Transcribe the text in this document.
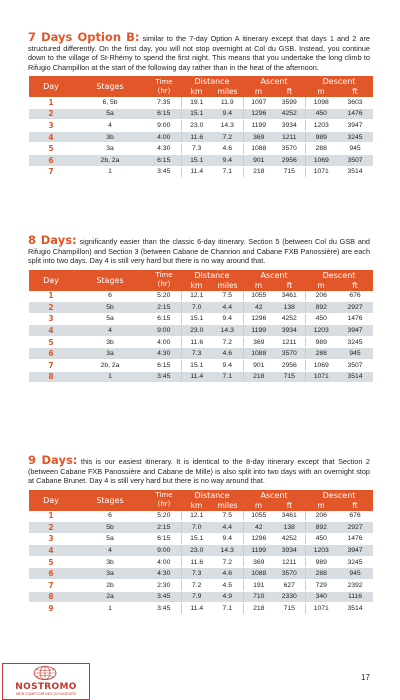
7 Days Option B: similar to the 7-day Option A itinerary except that days 1 and 2 are structured differently. On the first day, you will not stop overnight at Col du GSB. Instead, you continue down to the village of St-Rhémy to spend the first night. This means that you undertake the long climb to Rifugio Champillon at the start of the following day rather than in the heat of the afternoon.

Day	Stages	Time
(hr)	Distance		Ascent		Descent	
			km	miles	m	ft	m	ft
1	6, 5b	7:35	19.1	11.9	1097	3599	1098	3603
2	5a	6:15	15.1	9.4	1296	4252	450	1476
3	4	9:00	23.0	14.3	1199	3934	1203	3947
4	3b	4:00	11.6	7.2	369	1211	989	3245
5	3a	4:30	7.3	4.6	1088	3570	288	945
6	2b, 2a	6:15	15.1	9.4	901	2956	1069	3507
7	1	3:45	11.4	7.1	218	715	1071	3514

8 Days: significantly easier than the classic 6-day itinerary. Section 5 (between Col du GSB and Rifugio Champillon) and Section 3 (between Cabane de Chanrion and Cabane FXB Panossière) are each split into two days. Day 4 is still very hard but there is no way around that.

Day	Stages	Time
(hr)	Distance		Ascent		Descent	
			km	miles	m	ft	m	ft
1	6	5:20	12.1	7.5	1055	3461	206	676
2	5b	2:15	7.0	4.4	42	138	892	2927
3	5a	6:15	15.1	9.4	1296	4252	450	1476
4	4	9:00	23.0	14.3	1199	3934	1203	3947
5	3b	4:00	11.6	7.2	369	1211	989	3245
6	3a	4:30	7.3	4.6	1088	3570	288	945
7	2b, 2a	6:15	15.1	9.4	901	2956	1069	3507
8	1	3:45	11.4	7.1	218	715	1071	3514

9 Days: this is our easiest itinerary. It is identical to the 8-day itinerary except that Section 2 (between Cabane FXB Panossière and Cabane de Mille) is also split into two days with an overnight stop at Cabane Brunet. Day 4 is still very hard but there is no way around that.

Day	Stages	Time
(hr)	Distance		Ascent		Descent	
			km	miles	m	ft	m	ft
1	6	5:20	12.1	7.5	1055	3461	206	676
2	5b	2:15	7.0	4.4	42	138	892	2927
3	5a	6:15	15.1	9.4	1296	4252	450	1476
4	4	9:00	23.0	14.3	1199	3934	1203	3947
5	3b	4:00	11.6	7.2	369	1211	989	3245
6	3a	4:30	7.3	4.6	1088	3570	288	945
7	2b	2:30	7.2	4.5	191	627	729	2392
8	2a	3:45	7.9	4.9	710	2330	340	1116
9	1	3:45	11.4	7.1	218	715	1071	3514
NOSTROMO
WEB COMPTOIR DES VOYAGEURS
17
